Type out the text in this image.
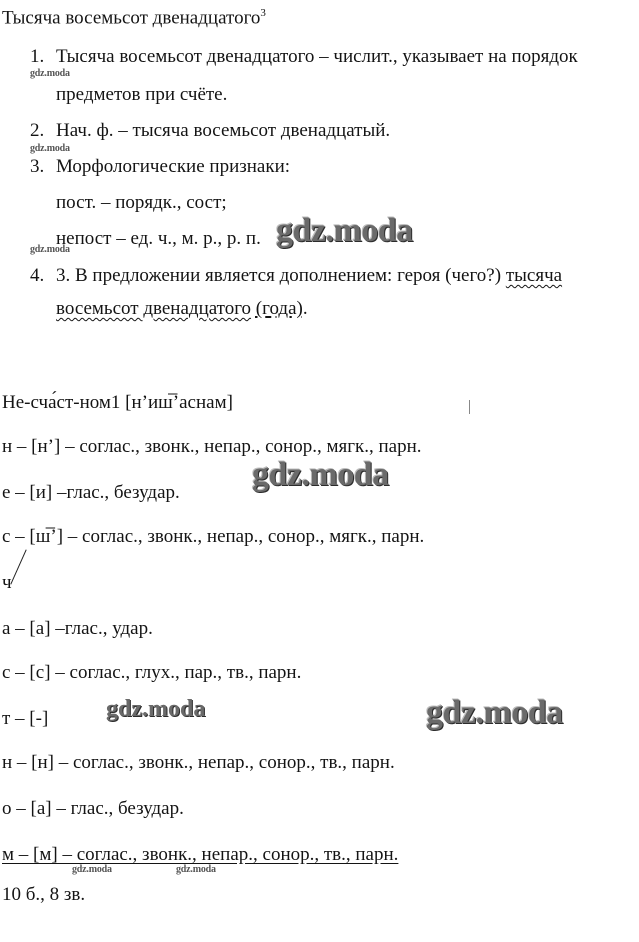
Тысяча восемьсот двенадцатого$^3$
1. Тысяча восемьсот двенадцатого – числит., указывает на порядок
gdz.moda
предметов при счёте.
2. Нач. ф. – тысяча восемьсот двенадцатый.
gdz.moda
3. Морфологические признаки:
пост. – порядк., сост;
непост – ед. ч., м. р., р. п.
gdz.moda
gdz.moda
4. 3. В предложении является дополнением: героя (чего?) тысяча
восемьсот двенадцатого (года).
Не-сча́ст-ном1 [н’иш̅’аснам]
н – [н’] – соглас., звонк., непар., сонор., мягк., парн.
gdz.moda
е – [и] –глас., безудар.
с – [ш̅’] – соглас., звонк., непар., сонор., мягк., парн.
ч
а – [а] –глас., удар.
с – [с] – соглас., глух., пар., тв., парн.
т – [-] gdz.moda	gdz.moda
н – [н] – соглас., звонк., непар., сонор., тв., парн.
о – [а] – глас., безудар.
м – [м] – соглас., звонк., непар., сонор., тв., парн.
gdz.moda	gdz.moda
10 б., 8 зв.
